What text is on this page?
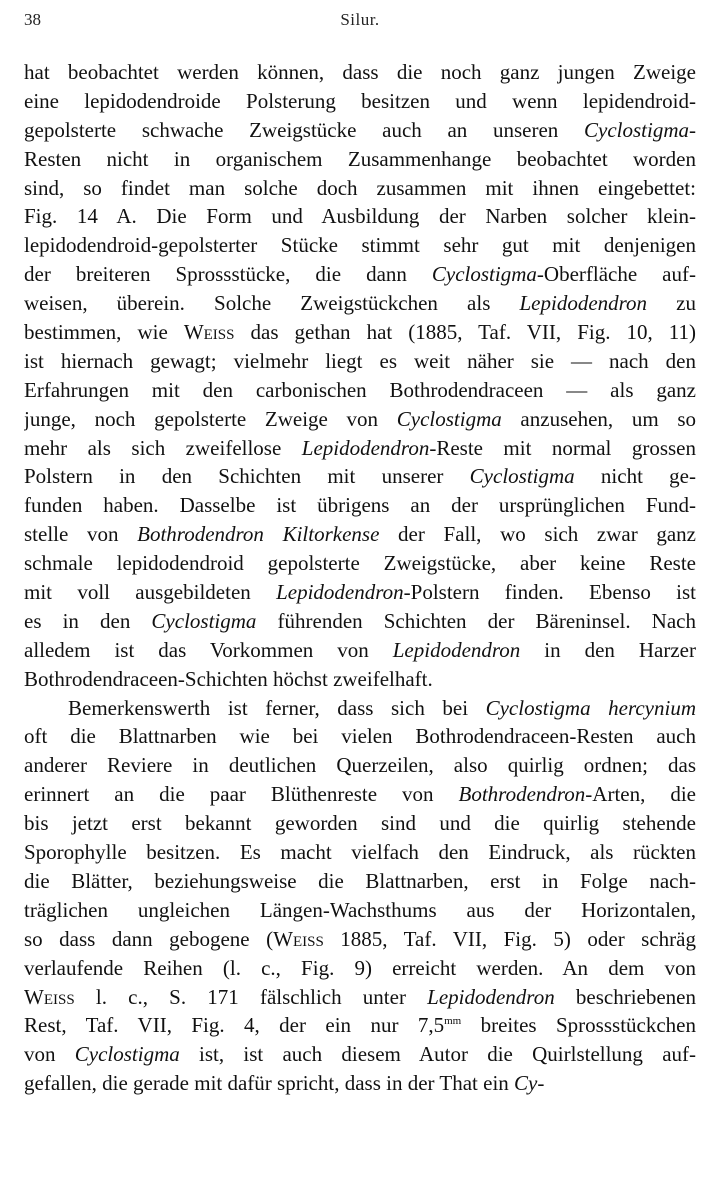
38	Silur.
hat beobachtet werden können, dass die noch ganz jungen Zweige
eine lepidodendroide Polsterung besitzen und wenn lepidendroid-
gepolsterte schwache Zweigstücke auch an unseren Cyclostigma-
Resten nicht in organischem Zusammenhange beobachtet worden
sind, so findet man solche doch zusammen mit ihnen eingebettet:
Fig. 14 A. Die Form und Ausbildung der Narben solcher klein-
lepidodendroid-gepolsterter Stücke stimmt sehr gut mit denjenigen
der breiteren Sprossstücke, die dann Cyclostigma-Oberfläche auf-
weisen, überein. Solche Zweigstückchen als Lepidodendron zu
bestimmen, wie Weiss das gethan hat (1885, Taf. VII, Fig. 10, 11)
ist hiernach gewagt; vielmehr liegt es weit näher sie — nach den
Erfahrungen mit den carbonischen Bothrodendraceen — als ganz
junge, noch gepolsterte Zweige von Cyclostigma anzusehen, um so
mehr als sich zweifellose Lepidodendron-Reste mit normal grossen
Polstern in den Schichten mit unserer Cyclostigma nicht ge-
funden haben. Dasselbe ist übrigens an der ursprünglichen Fund-
stelle von Bothrodendron Kiltorkense der Fall, wo sich zwar ganz
schmale lepidodendroid gepolsterte Zweigstücke, aber keine Reste
mit voll ausgebildeten Lepidodendron-Polstern finden. Ebenso ist
es in den Cyclostigma führenden Schichten der Bäreninsel. Nach
alledem ist das Vorkommen von Lepidodendron in den Harzer
Bothrodendraceen-Schichten höchst zweifelhaft.
Bemerkenswerth ist ferner, dass sich bei Cyclostigma hercynium
oft die Blattnarben wie bei vielen Bothrodendraceen-Resten auch
anderer Reviere in deutlichen Querzeilen, also quirlig ordnen; das
erinnert an die paar Blüthenreste von Bothrodendron-Arten, die
bis jetzt erst bekannt geworden sind und die quirlig stehende
Sporophylle besitzen. Es macht vielfach den Eindruck, als rückten
die Blätter, beziehungsweise die Blattnarben, erst in Folge nach-
träglichen ungleichen Längen-Wachsthums aus der Horizontalen,
so dass dann gebogene (Weiss 1885, Taf. VII, Fig. 5) oder schräg
verlaufende Reihen (l. c., Fig. 9) erreicht werden. An dem von
Weiss l. c., S. 171 fälschlich unter Lepidodendron beschriebenen
Rest, Taf. VII, Fig. 4, der ein nur $7,5^{mm}$ breites Sprossstückchen
von Cyclostigma ist, ist auch diesem Autor die Quirlstellung auf-
gefallen, die gerade mit dafür spricht, dass in der That ein Cy-
